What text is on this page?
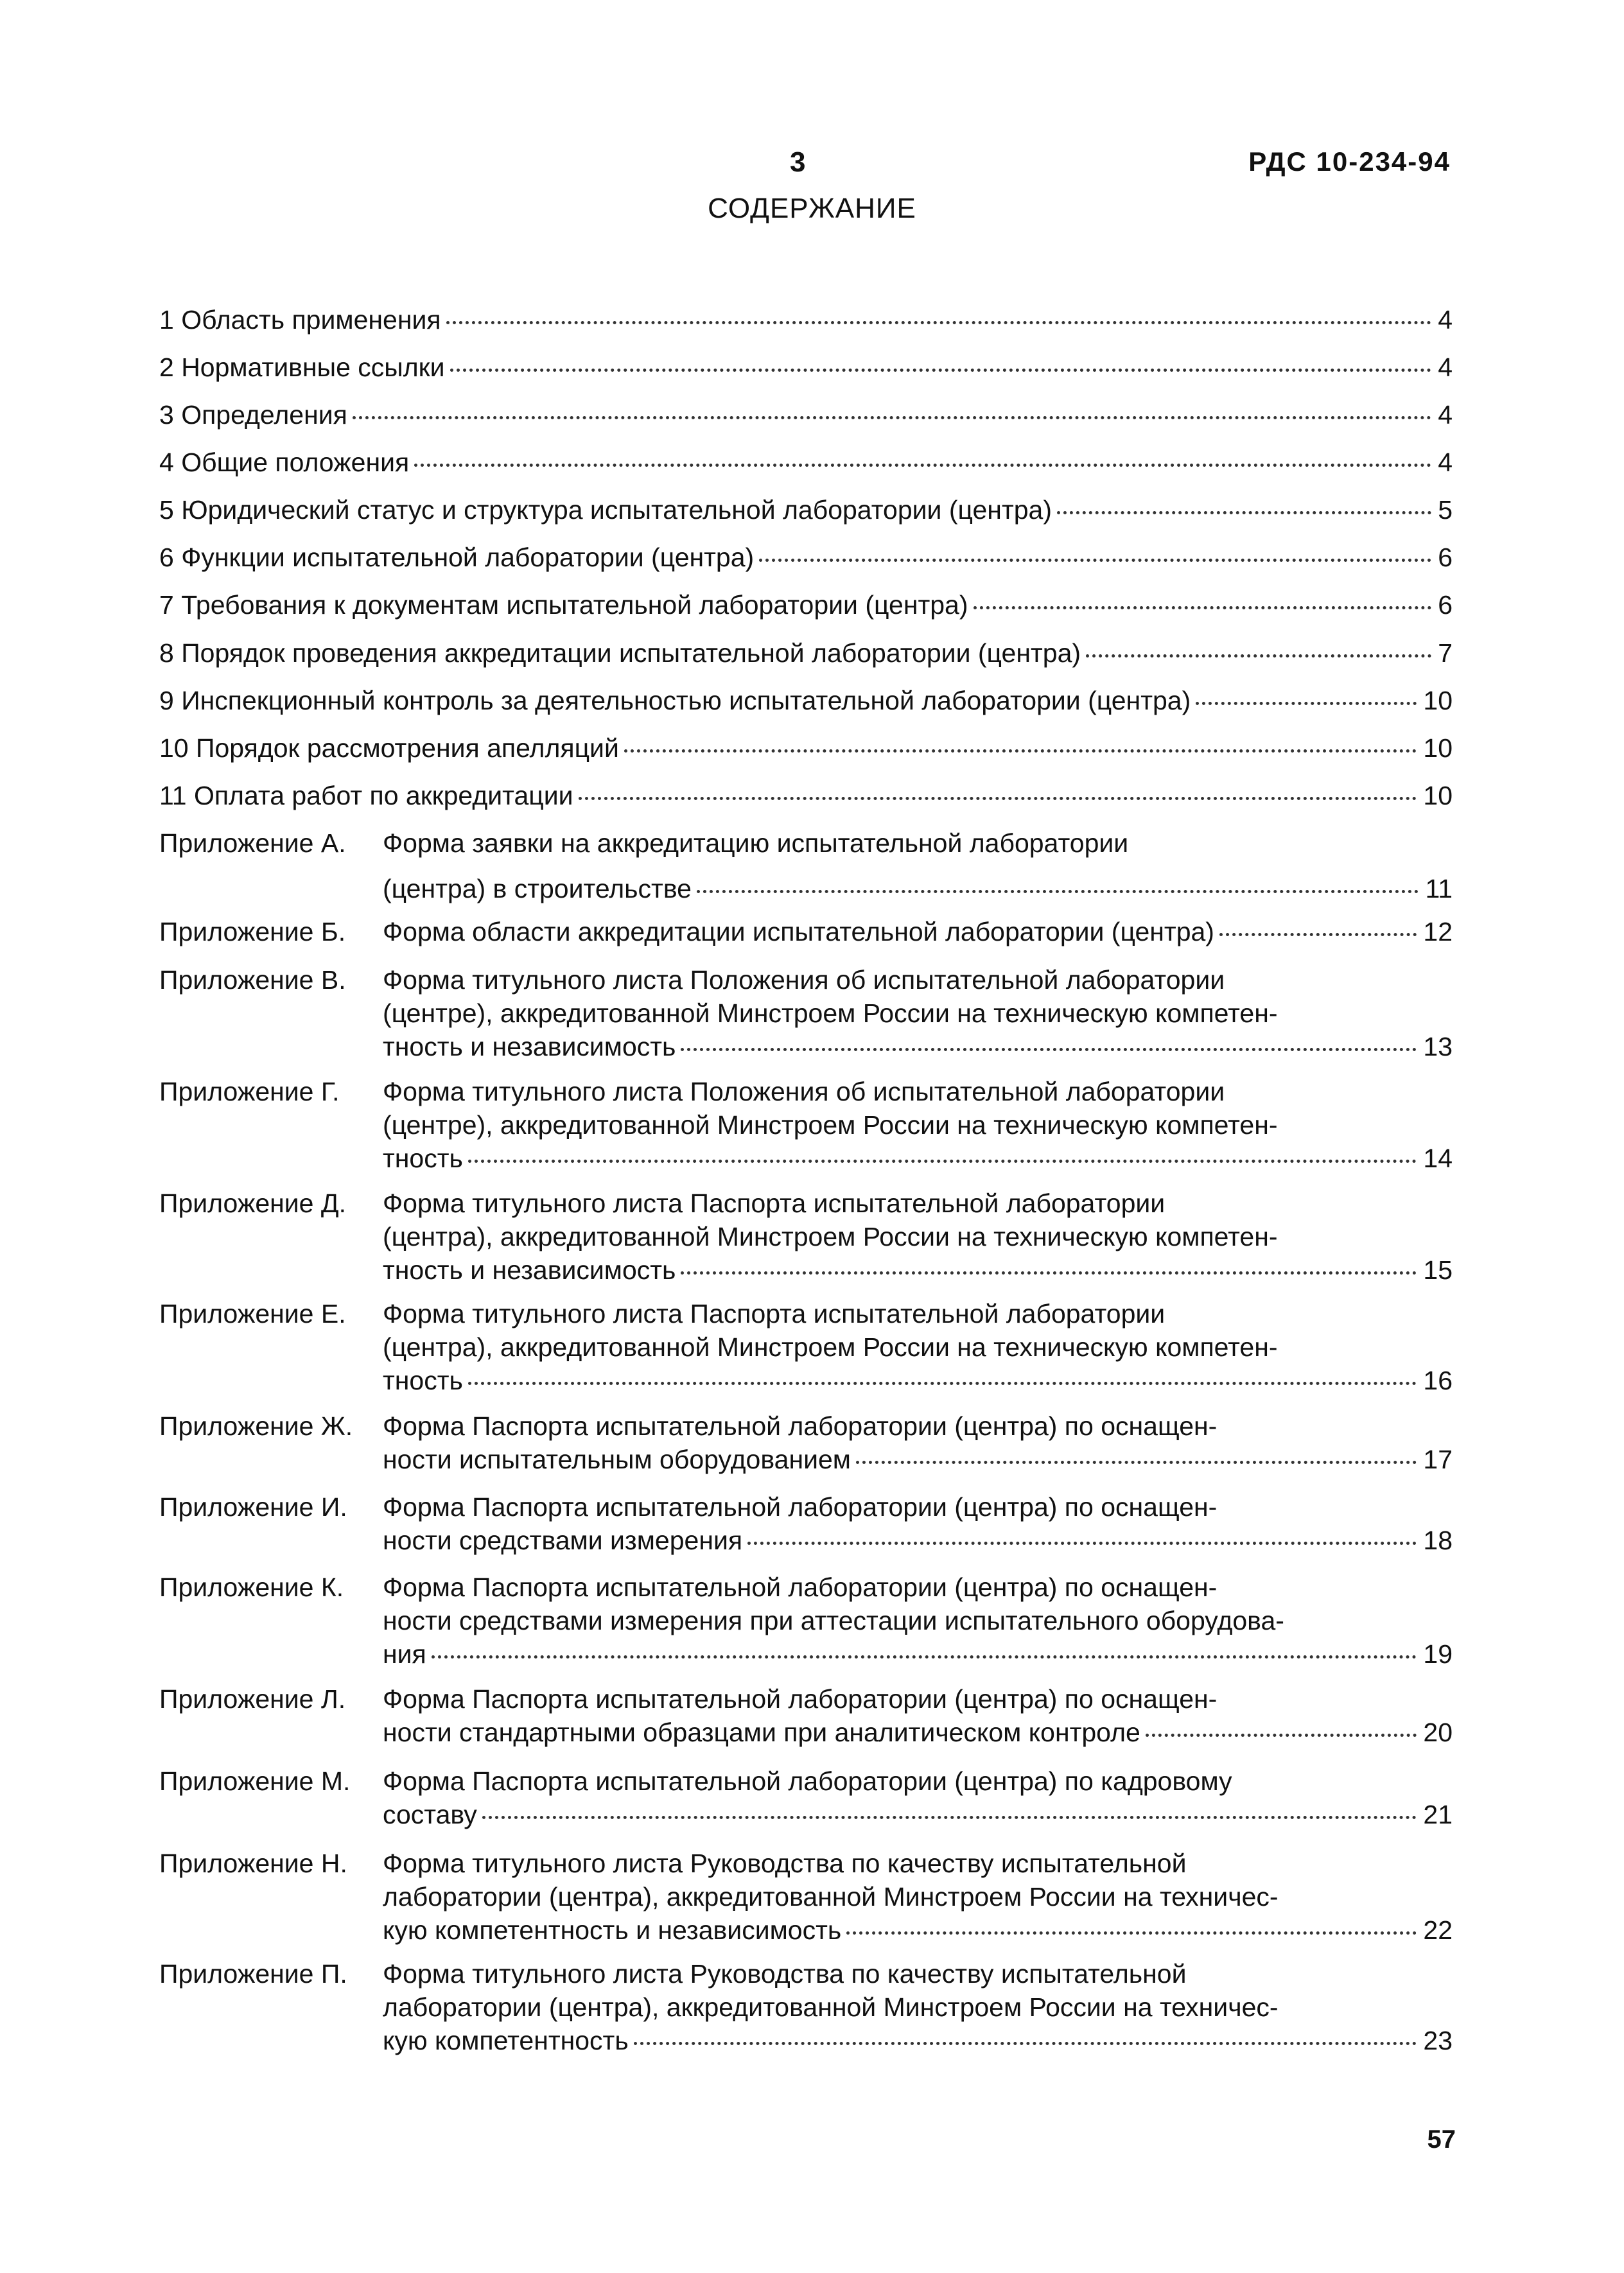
3	РДС 10-234-94
СОДЕРЖАНИЕ
1 Область применения	4
2 Нормативные ссылки	4
3 Определения	4
4 Общие положения	4
5 Юридический статус и структура испытательной лаборатории (центра)	5
6 Функции испытательной лаборатории (центра)	6
7 Требования к документам испытательной лаборатории (центра)	6
8 Порядок проведения аккредитации испытательной лаборатории (центра)	7
9 Инспекционный контроль за деятельностью испытательной лаборатории (центра)	10
10 Порядок рассмотрения апелляций	10
11 Оплата работ по аккредитации	10
Приложение А. Форма заявки на аккредитацию испытательной лаборатории
(центра) в строительстве	11
Приложение Б. Форма области аккредитации испытательной лаборатории (центра)	12
Приложение В. Форма титульного листа Положения об испытательной лаборатории
(центре), аккредитованной Минстроем России на техническую компетен-
тность и независимость	13
Приложение Г. Форма титульного листа Положения об испытательной лаборатории
(центре), аккредитованной Минстроем России на техническую компетен-
тность	14
Приложение Д. Форма титульного листа Паспорта испытательной лаборатории
(центра), аккредитованной Минстроем России на техническую компетен-
тность и независимость	15
Приложение Е. Форма титульного листа Паспорта испытательной лаборатории
(центра), аккредитованной Минстроем России на техническую компетен-
тность	16
Приложение Ж. Форма Паспорта испытательной лаборатории (центра) по оснащен-
ности испытательным оборудованием	17
Приложение И. Форма Паспорта испытательной лаборатории (центра) по оснащен-
ности средствами измерения	18
Приложение К. Форма Паспорта испытательной лаборатории (центра) по оснащен-
ности средствами измерения при аттестации испытательного оборудова-
ния	19
Приложение Л. Форма Паспорта испытательной лаборатории (центра) по оснащен-
ности стандартными образцами при аналитическом контроле	20
Приложение М. Форма Паспорта испытательной лаборатории (центра) по кадровому
составу	21
Приложение Н. Форма титульного листа Руководства по качеству испытательной
лаборатории (центра), аккредитованной Минстроем России на техничес-
кую компетентность и независимость	22
Приложение П. Форма титульного листа Руководства по качеству испытательной
лаборатории (центра), аккредитованной Минстроем России на техничес-
кую компетентность	23
57
